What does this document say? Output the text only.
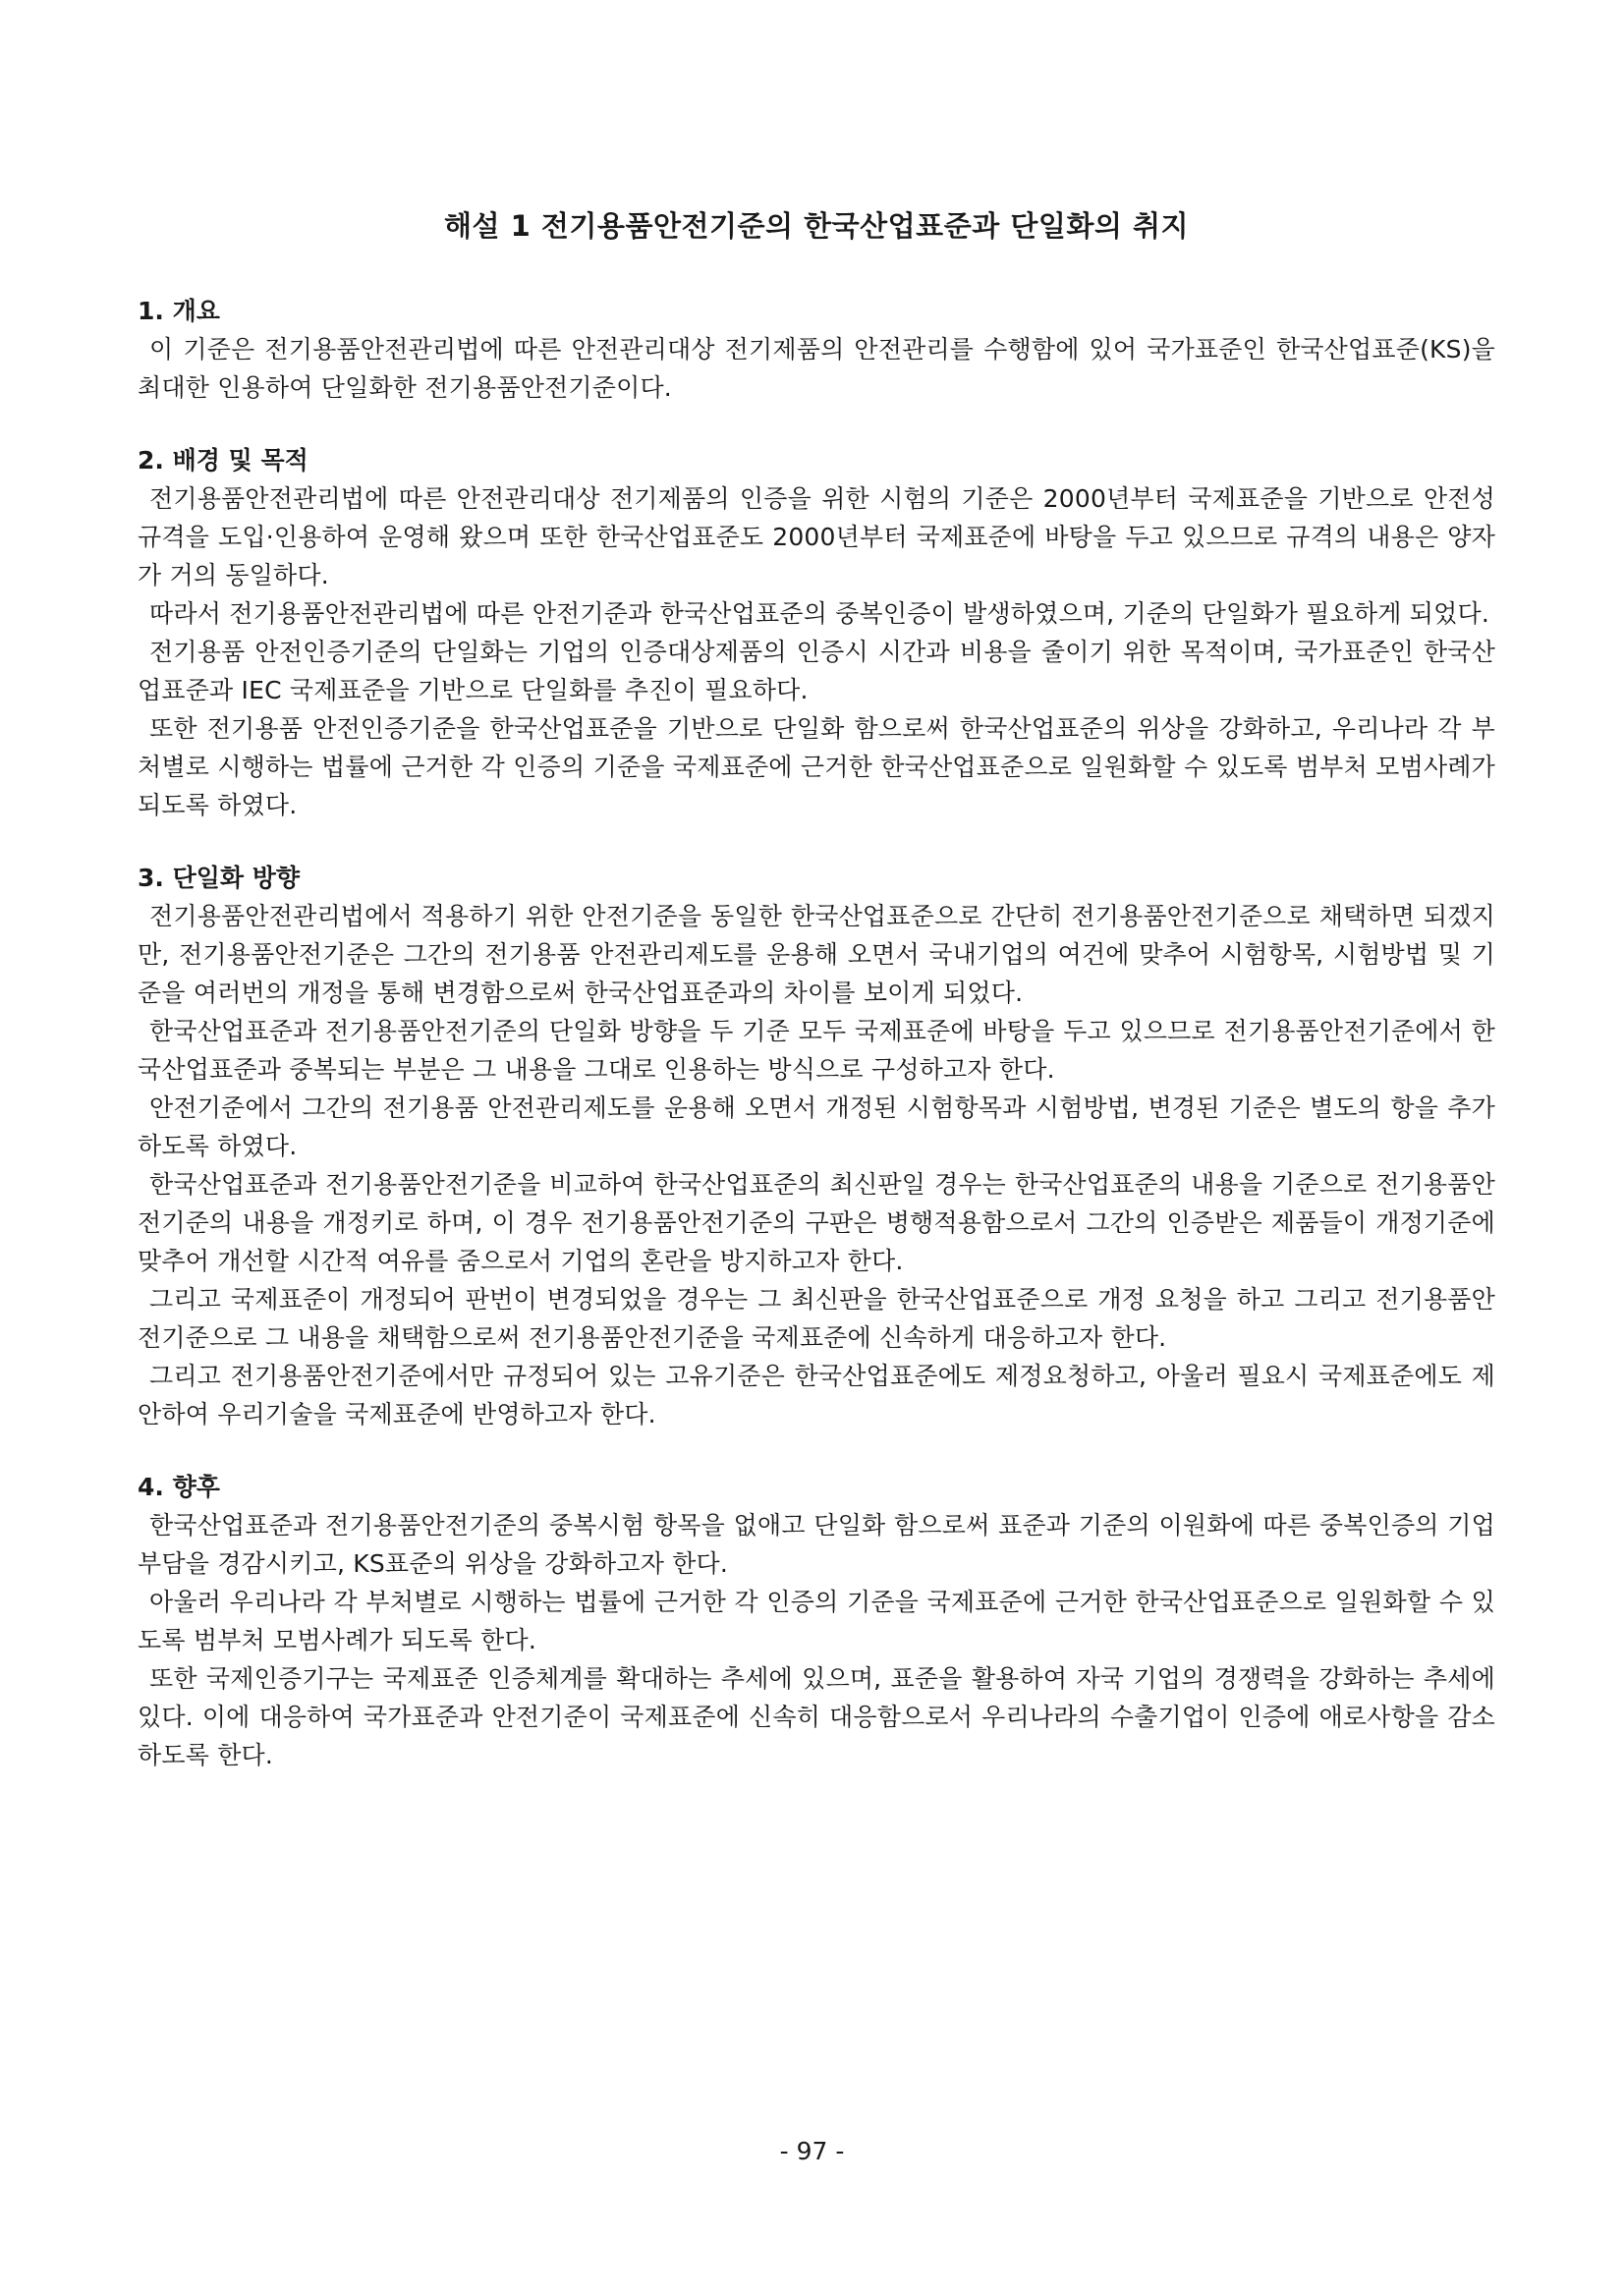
해설 1 전기용품안전기준의 한국산업표준과 단일화의 취지
1. 개요

이 기준은 전기용품안전관리법에 따른 안전관리대상 전기제품의 안전관리를 수행함에 있어 국가표준인 한국산업표준(KS)을 최대한 인용하여 단일화한 전기용품안전기준이다.

2. 배경 및 목적

전기용품안전관리법에 따른 안전관리대상 전기제품의 인증을 위한 시험의 기준은 2000년부터 국제표준을 기반으로 안전성 규격을 도입·인용하여 운영해 왔으며 또한 한국산업표준도 2000년부터 국제표준에 바탕을 두고 있으므로 규격의 내용은 양자가 거의 동일하다.

따라서 전기용품안전관리법에 따른 안전기준과 한국산업표준의 중복인증이 발생하였으며, 기준의 단일화가 필요하게 되었다.

전기용품 안전인증기준의 단일화는 기업의 인증대상제품의 인증시 시간과 비용을 줄이기 위한 목적이며, 국가표준인 한국산업표준과 IEC 국제표준을 기반으로 단일화를 추진이 필요하다.

또한 전기용품 안전인증기준을 한국산업표준을 기반으로 단일화 함으로써 한국산업표준의 위상을 강화하고, 우리나라 각 부처별로 시행하는 법률에 근거한 각 인증의 기준을 국제표준에 근거한 한국산업표준으로 일원화할 수 있도록 범부처 모범사례가 되도록 하였다.

3. 단일화 방향

전기용품안전관리법에서 적용하기 위한 안전기준을 동일한 한국산업표준으로 간단히 전기용품안전기준으로 채택하면 되겠지만, 전기용품안전기준은 그간의 전기용품 안전관리제도를 운용해 오면서 국내기업의 여건에 맞추어 시험항목, 시험방법 및 기준을 여러번의 개정을 통해 변경함으로써 한국산업표준과의 차이를 보이게 되었다.

한국산업표준과 전기용품안전기준의 단일화 방향을 두 기준 모두 국제표준에 바탕을 두고 있으므로 전기용품안전기준에서 한국산업표준과 중복되는 부분은 그 내용을 그대로 인용하는 방식으로 구성하고자 한다.

안전기준에서 그간의 전기용품 안전관리제도를 운용해 오면서 개정된 시험항목과 시험방법, 변경된 기준은 별도의 항을 추가하도록 하였다.

한국산업표준과 전기용품안전기준을 비교하여 한국산업표준의 최신판일 경우는 한국산업표준의 내용을 기준으로 전기용품안전기준의 내용을 개정키로 하며, 이 경우 전기용품안전기준의 구판은 병행적용함으로서 그간의 인증받은 제품들이 개정기준에 맞추어 개선할 시간적 여유를 줌으로서 기업의 혼란을 방지하고자 한다.

그리고 국제표준이 개정되어 판번이 변경되었을 경우는 그 최신판을 한국산업표준으로 개정 요청을 하고 그리고 전기용품안전기준으로 그 내용을 채택함으로써 전기용품안전기준을 국제표준에 신속하게 대응하고자 한다.

그리고 전기용품안전기준에서만 규정되어 있는 고유기준은 한국산업표준에도 제정요청하고, 아울러 필요시 국제표준에도 제안하여 우리기술을 국제표준에 반영하고자 한다.

4. 향후

한국산업표준과 전기용품안전기준의 중복시험 항목을 없애고 단일화 함으로써 표준과 기준의 이원화에 따른 중복인증의 기업부담을 경감시키고, KS표준의 위상을 강화하고자 한다.

아울러 우리나라 각 부처별로 시행하는 법률에 근거한 각 인증의 기준을 국제표준에 근거한 한국산업표준으로 일원화할 수 있도록 범부처 모범사례가 되도록 한다.

또한 국제인증기구는 국제표준 인증체계를 확대하는 추세에 있으며, 표준을 활용하여 자국 기업의 경쟁력을 강화하는 추세에 있다. 이에 대응하여 국가표준과 안전기준이 국제표준에 신속히 대응함으로서 우리나라의 수출기업이 인증에 애로사항을 감소하도록 한다.

- 97 -
